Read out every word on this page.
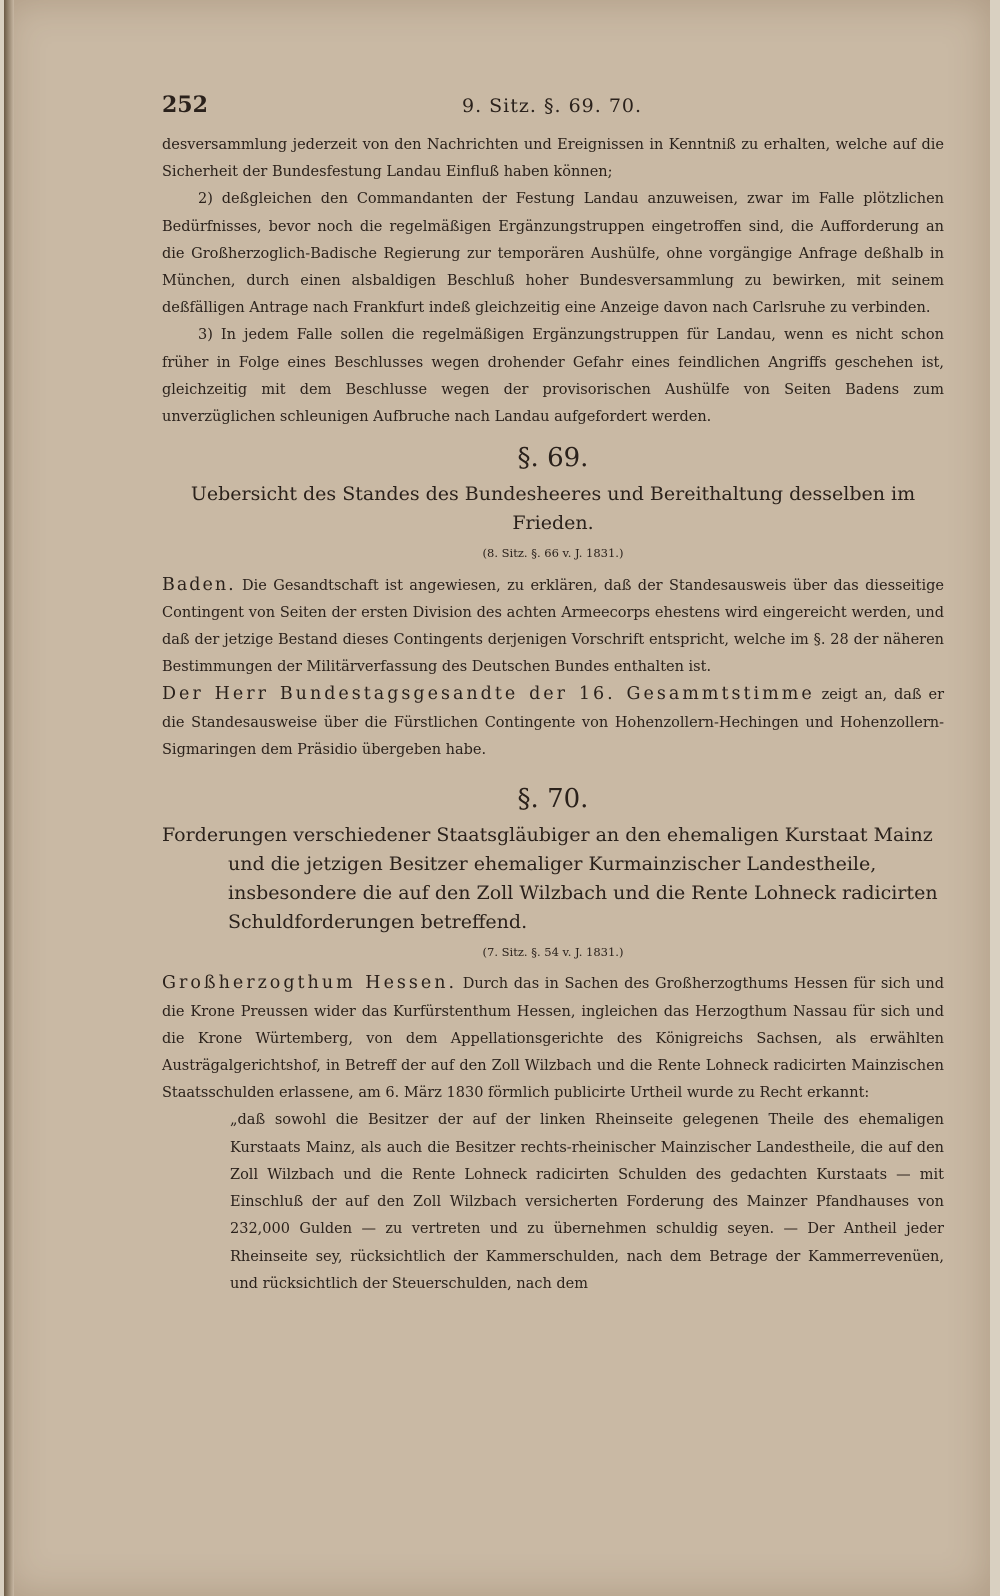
252	9. Sitz. §. 69. 70.

desversammlung jederzeit von den Nachrichten und Ereignissen in Kenntniß zu erhalten, welche auf die Sicherheit der Bundesfestung Landau Einfluß haben können;

2) deßgleichen den Commandanten der Festung Landau anzuweisen, zwar im Falle plötzlichen Bedürfnisses, bevor noch die regelmäßigen Ergänzungstruppen eingetroffen sind, die Aufforderung an die Großherzoglich-Badische Regierung zur temporären Aushülfe, ohne vorgängige Anfrage deßhalb in München, durch einen alsbaldigen Beschluß hoher Bundesversammlung zu bewirken, mit seinem deßfälligen Antrage nach Frankfurt indeß gleichzeitig eine Anzeige davon nach Carlsruhe zu verbinden.

3) In jedem Falle sollen die regelmäßigen Ergänzungstruppen für Landau, wenn es nicht schon früher in Folge eines Beschlusses wegen drohender Gefahr eines feindlichen Angriffs geschehen ist, gleichzeitig mit dem Beschlusse wegen der provisorischen Aushülfe von Seiten Badens zum unverzüglichen schleunigen Aufbruche nach Landau aufgefordert werden.

§. 69.
Uebersicht des Standes des Bundesheeres und Bereithaltung desselben im Frieden.
(8. Sitz. §. 66 v. J. 1831.)

Baden. Die Gesandtschaft ist angewiesen, zu erklären, daß der Standesausweis über das diesseitige Contingent von Seiten der ersten Division des achten Armeecorps ehestens wird eingereicht werden, und daß der jetzige Bestand dieses Contingents derjenigen Vorschrift entspricht, welche im §. 28 der näheren Bestimmungen der Militärverfassung des Deutschen Bundes enthalten ist.

Der Herr Bundestagsgesandte der 16. Gesammtstimme zeigt an, daß er die Standesausweise über die Fürstlichen Contingente von Hohenzollern-Hechingen und Hohenzollern-Sigmaringen dem Präsidio übergeben habe.

§. 70.
Forderungen verschiedener Staatsgläubiger an den ehemaligen Kurstaat Mainz und die jetzigen Besitzer ehemaliger Kurmainzischer Landestheile, insbesondere die auf den Zoll Wilzbach und die Rente Lohneck radicirten Schuldforderungen betreffend.
(7. Sitz. §. 54 v. J. 1831.)

Großherzogthum Hessen. Durch das in Sachen des Großherzogthums Hessen für sich und die Krone Preussen wider das Kurfürstenthum Hessen, ingleichen das Herzogthum Nassau für sich und die Krone Würtemberg, von dem Appellationsgerichte des Königreichs Sachsen, als erwählten Austrägalgerichtshof, in Betreff der auf den Zoll Wilzbach und die Rente Lohneck radicirten Mainzischen Staatsschulden erlassene, am 6. März 1830 förmlich publicirte Urtheil wurde zu Recht erkannt:

„daß sowohl die Besitzer der auf der linken Rheinseite gelegenen Theile des ehemaligen Kurstaats Mainz, als auch die Besitzer rechts-rheinischer Mainzischer Landestheile, die auf den Zoll Wilzbach und die Rente Lohneck radicirten Schulden des gedachten Kurstaats — mit Einschluß der auf den Zoll Wilzbach versicherten Forderung des Mainzer Pfandhauses von 232,000 Gulden — zu vertreten und zu übernehmen schuldig seyen. — Der Antheil jeder Rheinseite sey, rücksichtlich der Kammerschulden, nach dem Betrage der Kammerrevenüen, und rücksichtlich der Steuerschulden, nach dem
